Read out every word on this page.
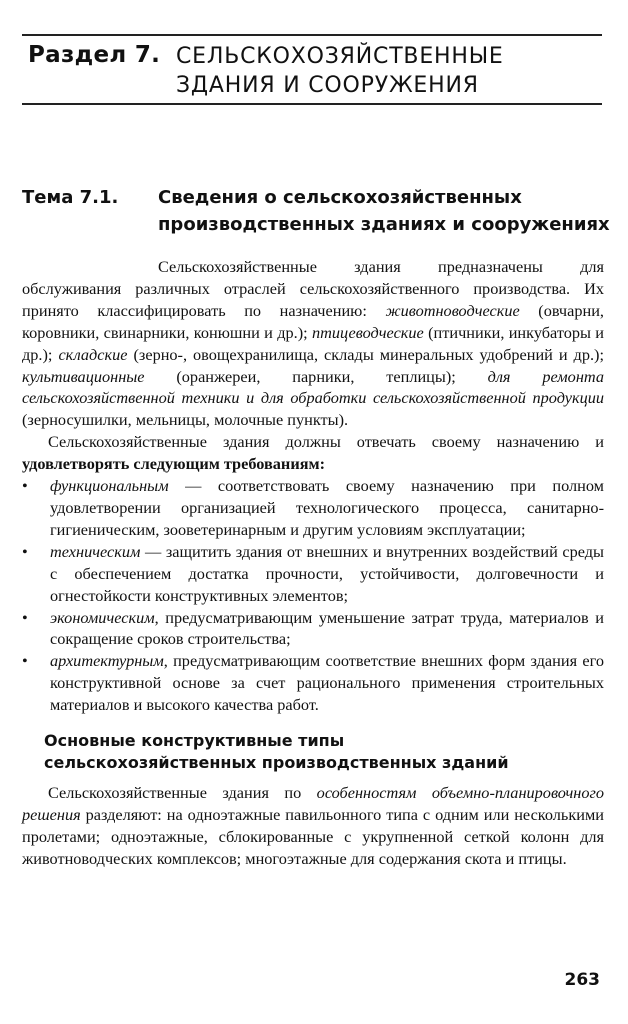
Раздел 7. СЕЛЬСКОХОЗЯЙСТВЕННЫЕ
ЗДАНИЯ И СООРУЖЕНИЯ
Тема 7.1. Сведения о сельскохозяйственных
производственных зданиях и сооружениях

Сельскохозяйственные здания предназначены для обслуживания различных отраслей сельскохозяйственного производства. Их принято классифицировать по назначению: животноводческие (овчарни, коровники, свинарники, конюшни и др.); птицеводческие (птичники, инкубаторы и др.); складские (зерно-, овощехранилища, склады минеральных удобрений и др.); культивационные (оранжереи, парники, теплицы); для ремонта сельскохозяйственной техники и для обработки сельскохозяйственной продукции (зерносушилки, мельницы, молочные пункты).

Сельскохозяйственные здания должны отвечать своему назначению и удовлетворять следующим требованиям:

• функциональным — соответствовать своему назначению при полном удовлетворении организацией технологического процесса, санитарно-гигиеническим, зооветеринарным и другим условиям эксплуатации;
• техническим — защитить здания от внешних и внутренних воздействий среды с обеспечением достатка прочности, устойчивости, долговечности и огнестойкости конструктивных элементов;
• экономическим, предусматривающим уменьшение затрат труда, материалов и сокращение сроков строительства;
• архитектурным, предусматривающим соответствие внешних форм здания его конструктивной основе за счет рационального применения строительных материалов и высокого качества работ.
Основные конструктивные типы
сельскохозяйственных производственных зданий

Сельскохозяйственные здания по особенностям объемно-планировочного решения разделяют: на одноэтажные павильонного типа с одним или несколькими пролетами; одноэтажные, сблокированные с укрупненной сеткой колонн для животноводческих комплексов; многоэтажные для содержания скота и птицы.

263
